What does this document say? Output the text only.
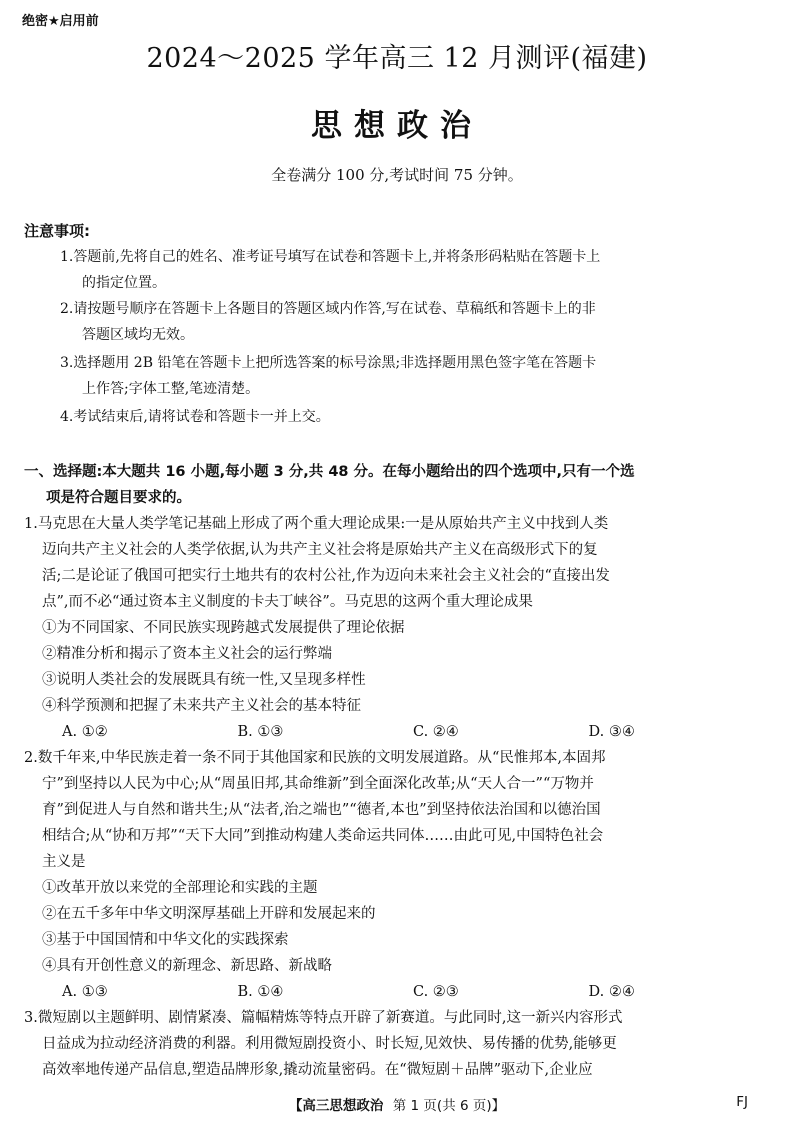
绝密★启用前
2024～2025 学年高三 12 月测评(福建)
思想政治
全卷满分 100 分,考试时间 75 分钟。
注意事项:
1.答题前,先将自己的姓名、准考证号填写在试卷和答题卡上,并将条形码粘贴在答题卡上
的指定位置。
2.请按题号顺序在答题卡上各题目的答题区域内作答,写在试卷、草稿纸和答题卡上的非
答题区域均无效。
3.选择题用 2B 铅笔在答题卡上把所选答案的标号涂黑;非选择题用黑色签字笔在答题卡
上作答;字体工整,笔迹清楚。
4.考试结束后,请将试卷和答题卡一并上交。
一、选择题:本大题共 16 小题,每小题 3 分,共 48 分。在每小题给出的四个选项中,只有一个选
项是符合题目要求的。
1.马克思在大量人类学笔记基础上形成了两个重大理论成果:一是从原始共产主义中找到人类
迈向共产主义社会的人类学依据,认为共产主义社会将是原始共产主义在高级形式下的复
活;二是论证了俄国可把实行土地共有的农村公社,作为迈向未来社会主义社会的“直接出发
点”,而不必“通过资本主义制度的卡夫丁峡谷”。马克思的这两个重大理论成果
①为不同国家、不同民族实现跨越式发展提供了理论依据
②精准分析和揭示了资本主义社会的运行弊端
③说明人类社会的发展既具有统一性,又呈现多样性
④科学预测和把握了未来共产主义社会的基本特征
A. ①②	B. ①③	C. ②④	D. ③④
2.数千年来,中华民族走着一条不同于其他国家和民族的文明发展道路。从“民惟邦本,本固邦
宁”到坚持以人民为中心;从“周虽旧邦,其命维新”到全面深化改革;从“天人合一”“万物并
育”到促进人与自然和谐共生;从“法者,治之端也”“德者,本也”到坚持依法治国和以德治国
相结合;从“协和万邦”“天下大同”到推动构建人类命运共同体……由此可见,中国特色社会
主义是
①改革开放以来党的全部理论和实践的主题
②在五千多年中华文明深厚基础上开辟和发展起来的
③基于中国国情和中华文化的实践探索
④具有开创性意义的新理念、新思路、新战略
A. ①③	B. ①④	C. ②③	D. ②④
3.微短剧以主题鲜明、剧情紧凑、篇幅精炼等特点开辟了新赛道。与此同时,这一新兴内容形式
日益成为拉动经济消费的利器。利用微短剧投资小、时长短,见效快、易传播的优势,能够更
高效率地传递产品信息,塑造品牌形象,撬动流量密码。在“微短剧＋品牌”驱动下,企业应
【高三思想政治 第 1 页(共 6 页)】	FJ
